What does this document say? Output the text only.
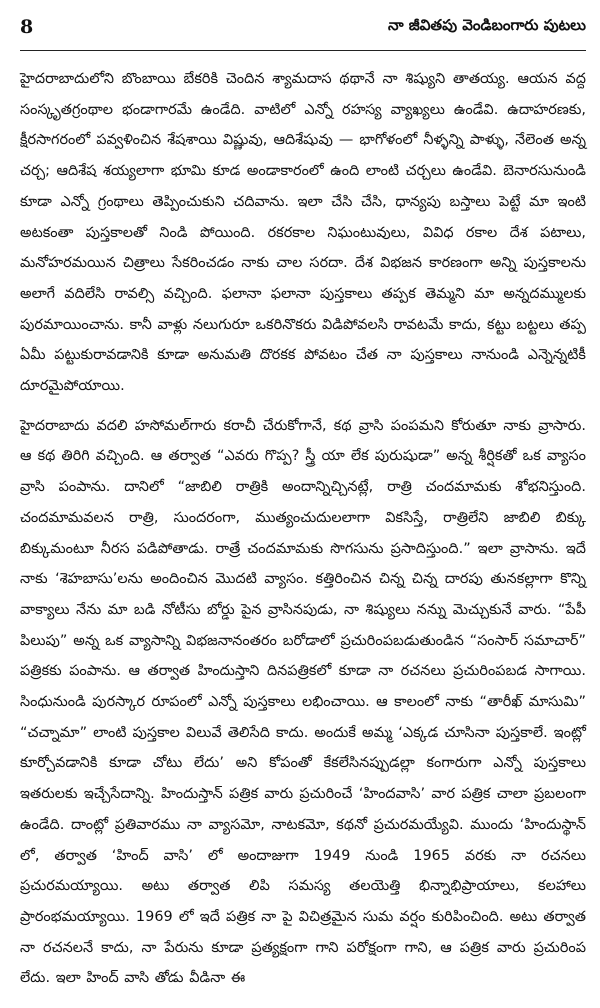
8	నా జీవితపు వెండిబంగారు పుటలు

హైదరాబాదులోని బొంబాయి బేకరికి చెందిన శ్యామదాస థథానే నా శిష్యుని తాతయ్య. ఆయన వద్ద సంస్కృతగ్రంథాల భండాగారమే ఉండేది. వాటిలో ఎన్నో రహస్య వ్యాఖ్యలు ఉండేవి. ఉదాహరణకు, క్షీరసాగరంలో పవ్వళించిన శేషశాయి విష్ణువు, ఆదిశేషువు — భాగోళంలో నీళ్ళన్ని పాళ్ళు, నేలెంత అన్న చర్చ; ఆదిశేష శయ్యలాగా భూమి కూడ అండాకారంలో ఉంది లాంటి చర్చలు ఉండేవి. బెనారసునుండి కూడా ఎన్నో గ్రంథాలు తెప్పించుకుని చదివాను. ఇలా చేసి చేసి, ధాన్యపు బస్తాలు పెట్టే మా ఇంటి అటకంతా పుస్తకాలతో నిండి పోయింది. రకరకాల నిఘంటువులు, వివిధ రకాల దేశ పటాలు, మనోహరమయిన చిత్రాలు సేకరించడం నాకు చాల సరదా. దేశ విభజన కారణంగా అన్ని పుస్తకాలను అలాగే వదిలేసి రావల్సి వచ్చింది. ఫలానా ఫలానా పుస్తకాలు తప్పక తెమ్మని మా అన్నదమ్ములకు పురమాయించాను. కానీ వాళ్లు నలుగురూ ఒకరినొకరు విడిపోవలసి రావటమే కాదు, కట్టు బట్టలు తప్ప ఏమీ పట్టుకురావడానికి కూడా అనుమతి దొరకక పోవటం చేత నా పుస్తకాలు నానుండి ఎన్నెన్నటికీ దూరమైపోయాయి.

హైదరాబాదు వదలి హసోమల్‌గారు కరాచీ చేరుకోగానే, కథ వ్రాసి పంపమని కోరుతూ నాకు వ్రాసారు. ఆ కథ తిరిగి వచ్చింది. ఆ తర్వాత “ఎవరు గొప్ప? స్త్రీ యా లేక పురుషుడా” అన్న శీర్షికతో ఒక వ్యాసం వ్రాసి పంపాను. దానిలో “జాబిలి రాత్రికి అందాన్నిచ్చినట్లే, రాత్రి చందమామకు శోభనిస్తుంది. చందమామవలన రాత్రి, సుందరంగా, ముత్యంచుదులలాగా వికసిస్తే, రాత్రిలేని జాబిలి బిక్కు బిక్కుమంటూ నీరస పడిపోతాడు. రాత్రే చందమామకు సొగసును ప్రసాదిస్తుంది.” ఇలా వ్రాసాను. ఇదే నాకు ‘శెహబాసు’లను అందించిన మొదటి వ్యాసం. కత్తిరించిన చిన్న చిన్న దారపు తునకల్లాగా కొన్ని వాక్యాలు నేను మా బడి నోటీసు బోర్డు పైన వ్రాసినపుడు, నా శిష్యులు నన్ను మెచ్చుకునే వారు. “పేపీ పిలుపు” అన్న ఒక వ్యాసాన్ని విభజనానంతరం బరోడాలో ప్రచురింపబడుతుండిన “సంసార్ సమాచార్” పత్రికకు పంపాను. ఆ తర్వాత హిందుస్తాని దినపత్రికలో కూడా నా రచనలు ప్రచురింపబడ సాగాయి. సింధునుండి పురస్కార రూపంలో ఎన్నో పుస్తకాలు లభించాయి. ఆ కాలంలో నాకు “తారీఖ్ మాసుమి” “చచ్నామా” లాంటి పుస్తకాల విలువే తెలిసేది కాదు. అందుకే అమ్మ ‘ఎక్కడ చూసినా పుస్తకాలే. ఇంట్లో కూర్చోవడానికి కూడా చోటు లేదు’ అని కోపంతో కేకలేసినప్పుడల్లా కంగారుగా ఎన్నో పుస్తకాలు ఇతరులకు ఇచ్చేసేదాన్ని. హిందుస్తాన్ పత్రిక వారు ప్రచురించే ‘హిందవాసి’ వార పత్రిక చాలా ప్రబలంగా ఉండేది. దాంట్లో ప్రతివారము నా వ్యాసమో, నాటకమో, కథనో ప్రచురమయ్యేవి. ముందు ‘హిందుస్థాన్ లో, తర్వాత ‘హింద్ వాసి’ లో అందాజుగా 1949 నుండి 1965 వరకు నా రచనలు ప్రచురమయ్యాయి. అటు తర్వాత లిపి సమస్య తలయెత్తి భిన్నాభిప్రాయాలు, కలహాలు ప్రారంభమయ్యాయి. 1969 లో ఇదే పత్రిక నా పై విచిత్రమైన సుమ వర్షం కురిపించింది. అటు తర్వాత నా రచనలనే కాదు, నా పేరును కూడా ప్రత్యక్షంగా గాని పరోక్షంగా గాని, ఆ పత్రిక వారు ప్రచురింప లేదు. ఇలా హింద్ వాసి తోడు వీడినా ఈ
